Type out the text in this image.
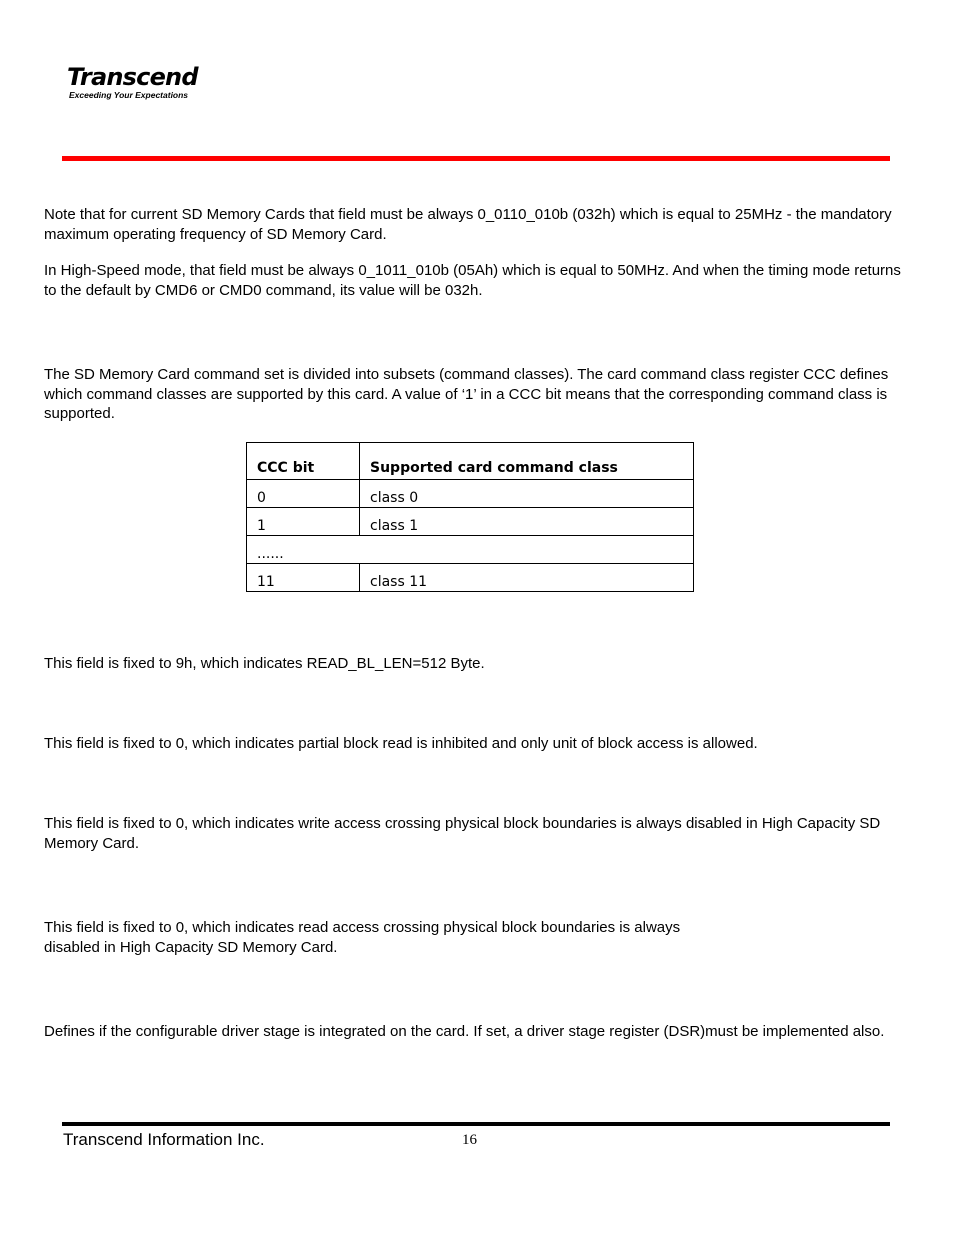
Transcend
Exceeding Your Expectations

Note that for current SD Memory Cards that field must be always 0_0110_010b (032h) which is equal to 25MHz - the mandatory maximum operating frequency of SD Memory Card.

In High-Speed mode, that field must be always 0_1011_010b (05Ah) which is equal to 50MHz. And when the timing mode returns to the default by CMD6 or CMD0 command, its value will be 032h.

The SD Memory Card command set is divided into subsets (command classes). The card command class register CCC defines which command classes are supported by this card. A value of ‘1’ in a CCC bit means that the corresponding command class is supported.

CCC bit	Supported card command class
0	class 0
1	class 1
......	
11	class 11

This field is fixed to 9h, which indicates READ_BL_LEN=512 Byte.

This field is fixed to 0, which indicates partial block read is inhibited and only unit of block access is allowed.

This field is fixed to 0, which indicates write access crossing physical block boundaries is always disabled in High Capacity SD Memory Card.

This field is fixed to 0, which indicates read access crossing physical block boundaries is always
disabled in High Capacity SD Memory Card.

Defines if the configurable driver stage is integrated on the card. If set, a driver stage register (DSR)must be implemented also.

Transcend Information Inc.	16
